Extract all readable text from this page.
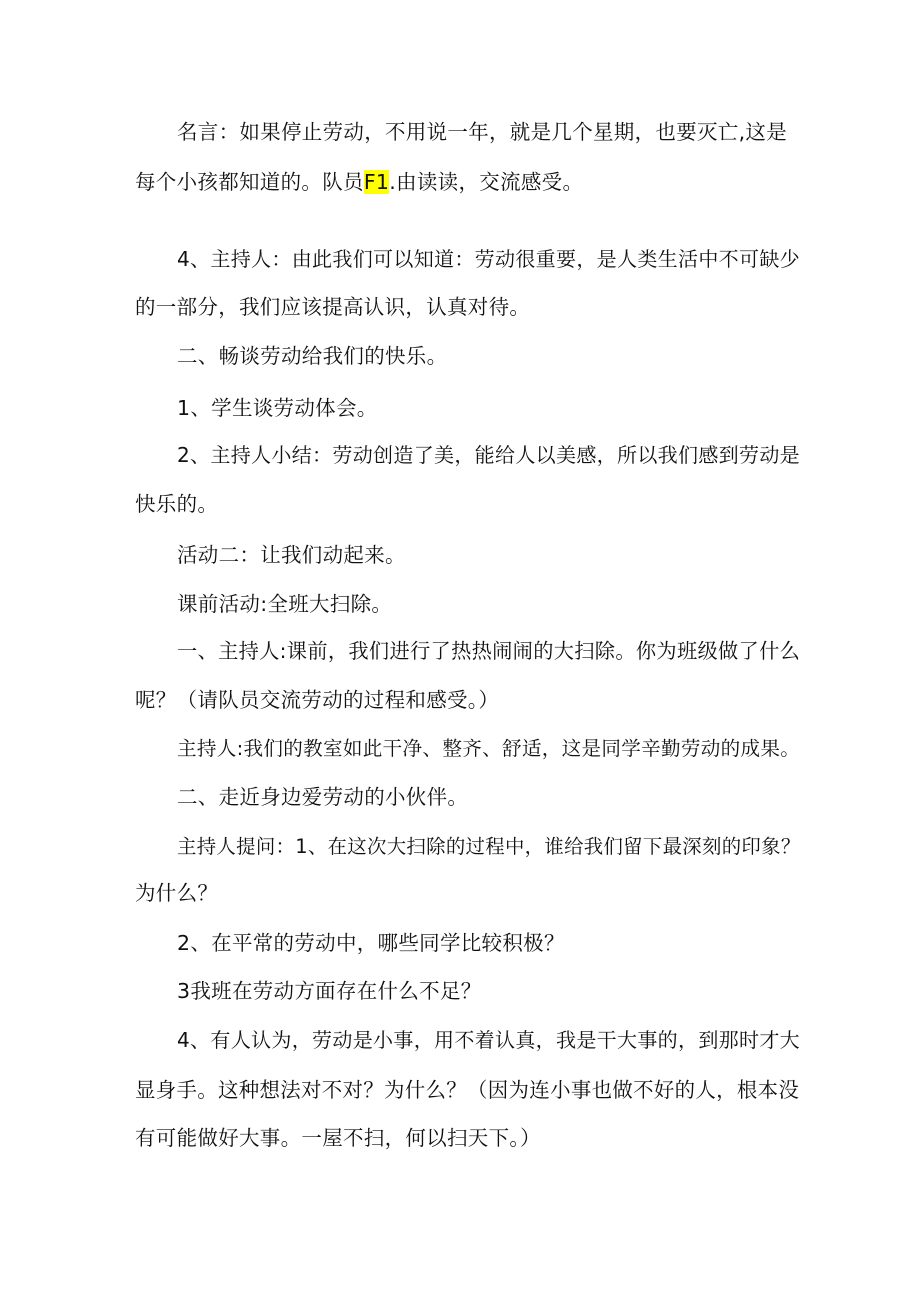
名言：如果停止劳动，不用说一年，就是几个星期，也要灭亡,这是

每个小孩都知道的。队员F1.由读读，交流感受。

4、主持人：由此我们可以知道：劳动很重要，是人类生活中不可缺少

的一部分，我们应该提高认识，认真对待。

二、畅谈劳动给我们的快乐。

1、学生谈劳动体会。

2、主持人小结：劳动创造了美，能给人以美感，所以我们感到劳动是

快乐的。

活动二：让我们动起来。

课前活动:全班大扫除。

一、主持人:课前，我们进行了热热闹闹的大扫除。你为班级做了什么

呢？（请队员交流劳动的过程和感受。）

主持人:我们的教室如此干净、整齐、舒适，这是同学辛勤劳动的成果。

二、走近身边爱劳动的小伙伴。

主持人提问：1、在这次大扫除的过程中，谁给我们留下最深刻的印象？

为什么？

2、在平常的劳动中，哪些同学比较积极？

3我班在劳动方面存在什么不足？

4、有人认为，劳动是小事，用不着认真，我是干大事的，到那时才大

显身手。这种想法对不对？为什么？（因为连小事也做不好的人，根本没

有可能做好大事。一屋不扫，何以扫天下。）
